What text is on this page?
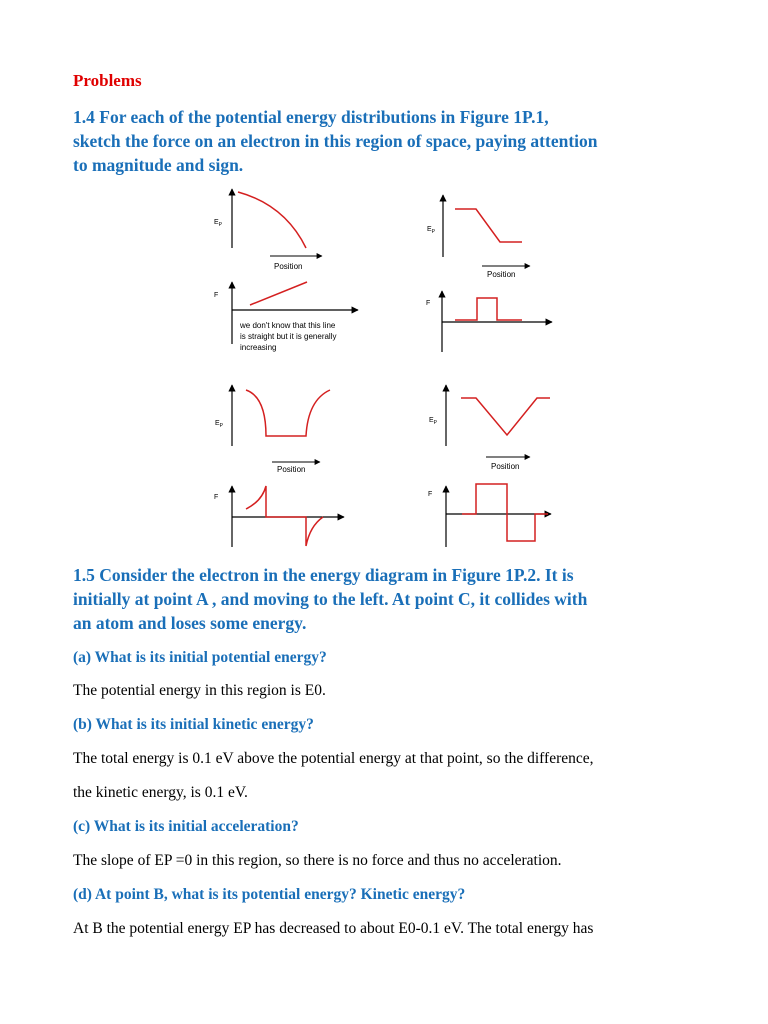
Problems
1.4 For each of the potential energy distributions in Figure 1P.1,
sketch the force on an electron in this region of space, paying attention
to magnitude and sign.
$E_P$
Position
F
we don't know that this line is straight but it is generally increasing
$E_P$
Position
F
$E_P$
Position
F
$E_P$
Position
F
1.5 Consider the electron in the energy diagram in Figure 1P.2. It is
initially at point A , and moving to the left. At point C, it collides with
an atom and loses some energy.
(a) What is its initial potential energy?
The potential energy in this region is E0.
(b) What is its initial kinetic energy?
The total energy is 0.1 eV above the potential energy at that point, so the difference,
the kinetic energy, is 0.1 eV.
(c) What is its initial acceleration?
The slope of EP =0 in this region, so there is no force and thus no acceleration.
(d) At point B, what is its potential energy? Kinetic energy?
At B the potential energy EP has decreased to about E0-0.1 eV. The total energy has
